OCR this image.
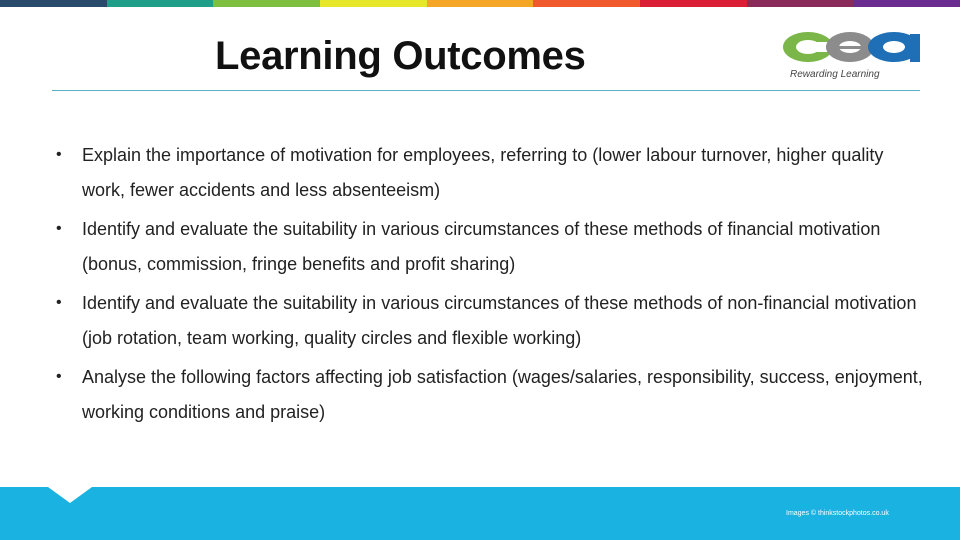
Learning Outcomes	Rewarding Learning
• Explain the importance of motivation for employees, referring to (lower labour turnover, higher quality work, fewer accidents and less absenteeism)
• Identify and evaluate the suitability in various circumstances of these methods of financial motivation (bonus, commission, fringe benefits and profit sharing)
• Identify and evaluate the suitability in various circumstances of these methods of non-financial motivation (job rotation, team working, quality circles and flexible working)
• Analyse the following factors affecting job satisfaction (wages/salaries, responsibility, success, enjoyment, working conditions and praise)
Images © thinkstockphotos.co.uk
